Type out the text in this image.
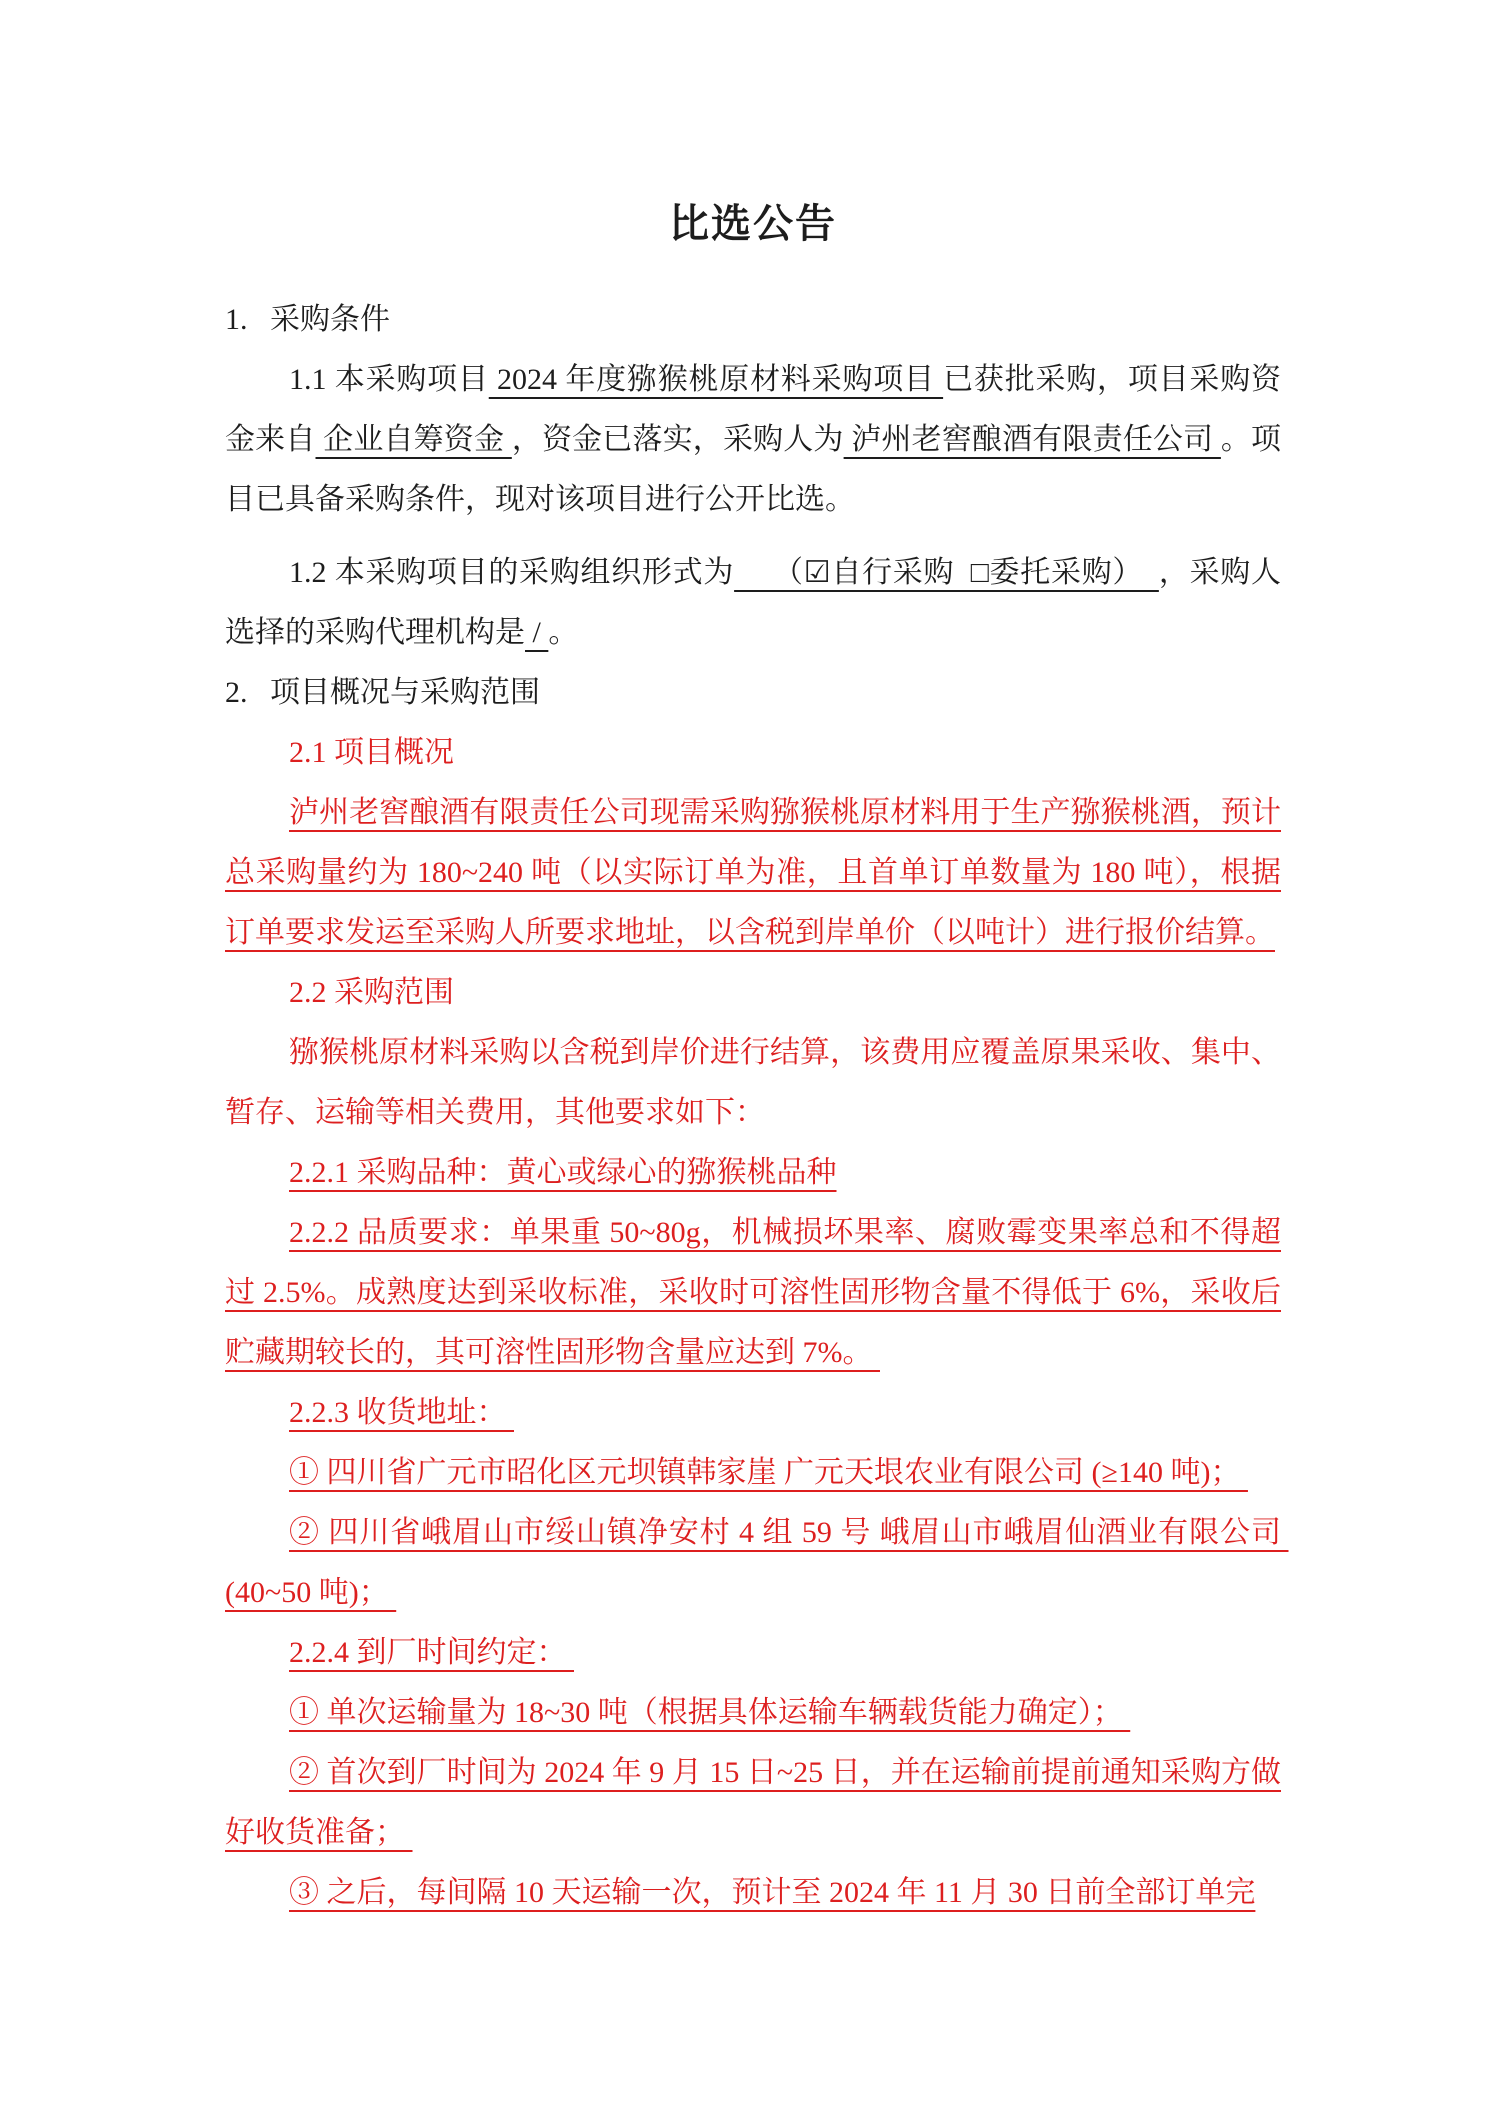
比选公告

1.   采购条件

1.1 本采购项目 2024 年度猕猴桃原材料采购项目 已获批采购，项目采购资金来自 企业自筹资金 ，资金已落实，采购人为 泸州老窖酿酒有限责任公司 。项目已具备采购条件，现对该项目进行公开比选。

1.2 本采购项目的采购组织形式为　 （☑自行采购  □委托采购）　，采购人选择的采购代理机构是 / 。

2.   项目概况与采购范围

2.1 项目概况

泸州老窖酿酒有限责任公司现需采购猕猴桃原材料用于生产猕猴桃酒，预计总采购量约为 180~240 吨（以实际订单为准，且首单订单数量为 180 吨），根据订单要求发运至采购人所要求地址，以含税到岸单价（以吨计）进行报价结算。

2.2 采购范围

猕猴桃原材料采购以含税到岸价进行结算，该费用应覆盖原果采收、集中、暂存、运输等相关费用，其他要求如下：

2.2.1 采购品种：黄心或绿心的猕猴桃品种

2.2.2 品质要求：单果重 50~80g，机械损坏果率、腐败霉变果率总和不得超过 2.5%。成熟度达到采收标准，采收时可溶性固形物含量不得低于 6%，采收后贮藏期较长的，其可溶性固形物含量应达到 7%。

2.2.3 收货地址：

① 四川省广元市昭化区元坝镇韩家崖 广元天垠农业有限公司 (≥140 吨)；

② 四川省峨眉山市绥山镇净安村 4 组 59 号 峨眉山市峨眉仙酒业有限公司 (40~50 吨)；

2.2.4 到厂时间约定：

① 单次运输量为 18~30 吨（根据具体运输车辆载货能力确定）；

② 首次到厂时间为 2024 年 9 月 15 日~25 日，并在运输前提前通知采购方做好收货准备；

③ 之后，每间隔 10 天运输一次，预计至 2024 年 11 月 30 日前全部订单完
